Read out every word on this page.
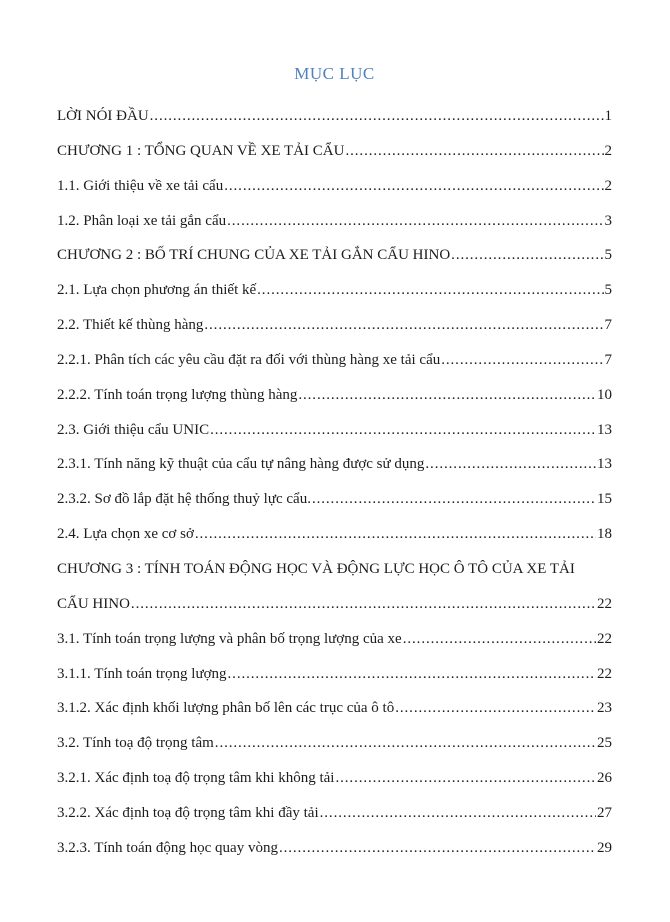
MỤC LỤC
LỜI NÓI ĐẦU .....	1
CHƯƠNG 1 : TỔNG QUAN VỀ XE TẢI CẨU .....	2
1.1. Giới thiệu về xe tải cẩu .....	2
1.2. Phân loại xe tải gắn cẩu .....	3
CHƯƠNG 2 : BỐ TRÍ CHUNG CỦA XE TẢI GẮN CẨU HINO .....	5
2.1. Lựa chọn phương án thiết kế .....	5
2.2. Thiết kế thùng hàng .....	7
2.2.1. Phân tích các yêu cầu đặt ra đối với thùng hàng xe tải cẩu .....	7
2.2.2. Tính toán trọng lượng thùng hàng .....	10
2.3. Giới thiệu cẩu UNIC .....	13
2.3.1. Tính năng kỹ thuật của cẩu tự nâng hàng được sử dụng .....	13
2.3.2. Sơ đồ lắp đặt hệ thống thuỷ lực cẩu. .....	15
2.4. Lựa chọn xe cơ sở .....	18
CHƯƠNG 3 : TÍNH TOÁN ĐỘNG HỌC VÀ ĐỘNG LỰC HỌC Ô TÔ CỦA XE TẢI
CẨU HINO .....	22
3.1. Tính toán trọng lượng và phân bố trọng lượng của xe .....	22
3.1.1. Tính toán trọng lượng .....	22
3.1.2. Xác định khối lượng phân bố lên các trục của ô tô .....	23
3.2. Tính toạ độ trọng tâm .....	25
3.2.1. Xác định toạ độ trọng tâm khi không tải .....	26
3.2.2. Xác định toạ độ trọng tâm khi đầy tải .....	27
3.2.3. Tính toán động học quay vòng .....	29
